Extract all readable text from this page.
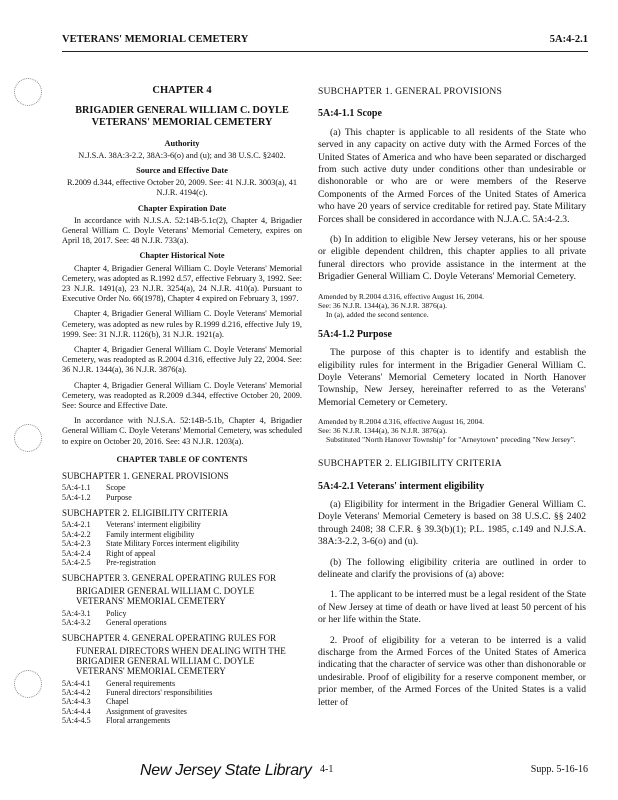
VETERANS' MEMORIAL CEMETERY	5A:4-2.1
CHAPTER 4
BRIGADIER GENERAL WILLIAM C. DOYLE VETERANS' MEMORIAL CEMETERY
Authority

N.J.S.A. 38A:3-2.2, 38A:3-6(o) and (u); and 38 U.S.C. §2402.

Source and Effective Date

R.2009 d.344, effective October 20, 2009. See: 41 N.J.R. 3003(a), 41 N.J.R. 4194(c).

Chapter Expiration Date

In accordance with N.J.S.A. 52:14B-5.1c(2), Chapter 4, Brigadier General William C. Doyle Veterans' Memorial Cemetery, expires on April 18, 2017. See: 48 N.J.R. 733(a).

Chapter Historical Note

Chapter 4, Brigadier General William C. Doyle Veterans' Memorial Cemetery, was adopted as R.1992 d.57, effective February 3, 1992. See: 23 N.J.R. 1491(a), 23 N.J.R. 3254(a), 24 N.J.R. 410(a). Pursuant to Executive Order No. 66(1978), Chapter 4 expired on February 3, 1997.

Chapter 4, Brigadier General William C. Doyle Veterans' Memorial Cemetery, was adopted as new rules by R.1999 d.216, effective July 19, 1999. See: 31 N.J.R. 1126(b), 31 N.J.R. 1921(a).

Chapter 4, Brigadier General William C. Doyle Veterans' Memorial Cemetery, was readopted as R.2004 d.316, effective July 22, 2004. See: 36 N.J.R. 1344(a), 36 N.J.R. 3876(a).

Chapter 4, Brigadier General William C. Doyle Veterans' Memorial Cemetery, was readopted as R.2009 d.344, effective October 20, 2009. See: Source and Effective Date.

In accordance with N.J.S.A. 52:14B-5.1b, Chapter 4, Brigadier General William C. Doyle Veterans' Memorial Cemetery, was scheduled to expire on October 20, 2016. See: 43 N.J.R. 1203(a).

CHAPTER TABLE OF CONTENTS
SUBCHAPTER 1. GENERAL PROVISIONS
5A:4-1.1	Scope
5A:4-1.2	Purpose
SUBCHAPTER 2. ELIGIBILITY CRITERIA
5A:4-2.1	Veterans' interment eligibility
5A:4-2.2	Family interment eligibility
5A:4-2.3	State Military Forces interment eligibility
5A:4-2.4	Right of appeal
5A:4-2.5	Pre-registration
SUBCHAPTER 3. GENERAL OPERATING RULES FOR
BRIGADIER GENERAL WILLIAM C. DOYLE VETERANS' MEMORIAL CEMETERY
5A:4-3.1	Policy
5A:4-3.2	General operations
SUBCHAPTER 4. GENERAL OPERATING RULES FOR
FUNERAL DIRECTORS WHEN DEALING WITH THE BRIGADIER GENERAL WILLIAM C. DOYLE VETERANS' MEMORIAL CEMETERY
5A:4-4.1	General requirements
5A:4-4.2	Funeral directors' responsibilities
5A:4-4.3	Chapel
5A:4-4.4	Assignment of gravesites
5A:4-4.5	Floral arrangements
SUBCHAPTER 1. GENERAL PROVISIONS
5A:4-1.1 Scope

(a) This chapter is applicable to all residents of the State who served in any capacity on active duty with the Armed Forces of the United States of America and who have been separated or discharged from such active duty under conditions other than undesirable or dishonorable or who are or were members of the Reserve Components of the Armed Forces of the United States of America who have 20 years of service creditable for retired pay. State Military Forces shall be considered in accordance with N.J.A.C. 5A:4-2.3.

(b) In addition to eligible New Jersey veterans, his or her spouse or eligible dependent children, this chapter applies to all private funeral directors who provide assistance in the interment at the Brigadier General William C. Doyle Veterans' Memorial Cemetery.

Amended by R.2004 d.316, effective August 16, 2004.
See: 36 N.J.R. 1344(a), 36 N.J.R. 3876(a).
In (a), added the second sentence.
5A:4-1.2 Purpose

The purpose of this chapter is to identify and establish the eligibility rules for interment in the Brigadier General William C. Doyle Veterans' Memorial Cemetery located in North Hanover Township, New Jersey, hereinafter referred to as the Veterans' Memorial Cemetery or Cemetery.

Amended by R.2004 d.316, effective August 16, 2004.
See: 36 N.J.R. 1344(a), 36 N.J.R. 3876(a).
Substituted "North Hanover Township" for "Arneytown" preceding "New Jersey".
SUBCHAPTER 2. ELIGIBILITY CRITERIA
5A:4-2.1 Veterans' interment eligibility

(a) Eligibility for interment in the Brigadier General William C. Doyle Veterans' Memorial Cemetery is based on 38 U.S.C. §§ 2402 through 2408; 38 C.F.R. § 39.3(b)(1); P.L. 1985, c.149 and N.J.S.A. 38A:3-2.2, 3-6(o) and (u).

(b) The following eligibility criteria are outlined in order to delineate and clarify the provisions of (a) above:

1. The applicant to be interred must be a legal resident of the State of New Jersey at time of death or have lived at least 50 percent of his or her life within the State.

2. Proof of eligibility for a veteran to be interred is a valid discharge from the Armed Forces of the United States of America indicating that the character of service was other than dishonorable or undesirable. Proof of eligibility for a reserve component member, or prior member, of the Armed Forces of the United States is a valid letter of

New Jersey State Library 4-1	Supp. 5-16-16
